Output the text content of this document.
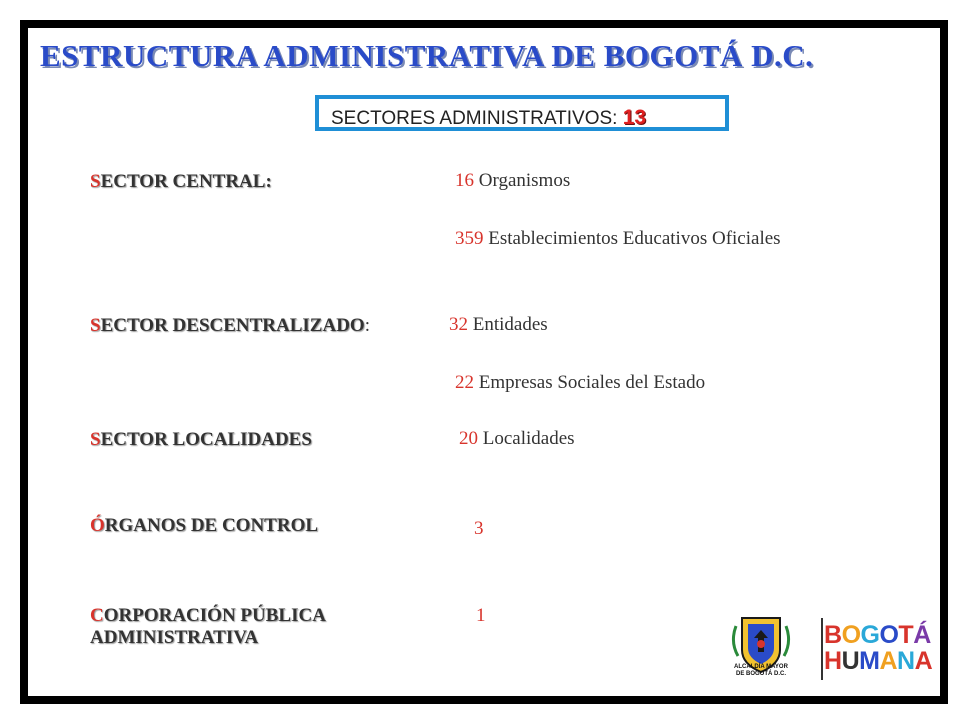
ESTRUCTURA ADMINISTRATIVA DE BOGOTÁ D.C.
SECTORES ADMINISTRATIVOS: 13
SECTOR CENTRAL:
SECTOR DESCENTRALIZADO:
SECTOR LOCALIDADES
ÓRGANOS DE CONTROL
CORPORACIÓN PÚBLICA
ADMINISTRATIVA
16 Organismos
359 Establecimientos Educativos Oficiales
32 Entidades
22 Empresas Sociales del Estado
20 Localidades
3
1
ALCALDÍA MAYOR
DE BOGOTÁ D.C.
BOGOTÁ
HUMANA
